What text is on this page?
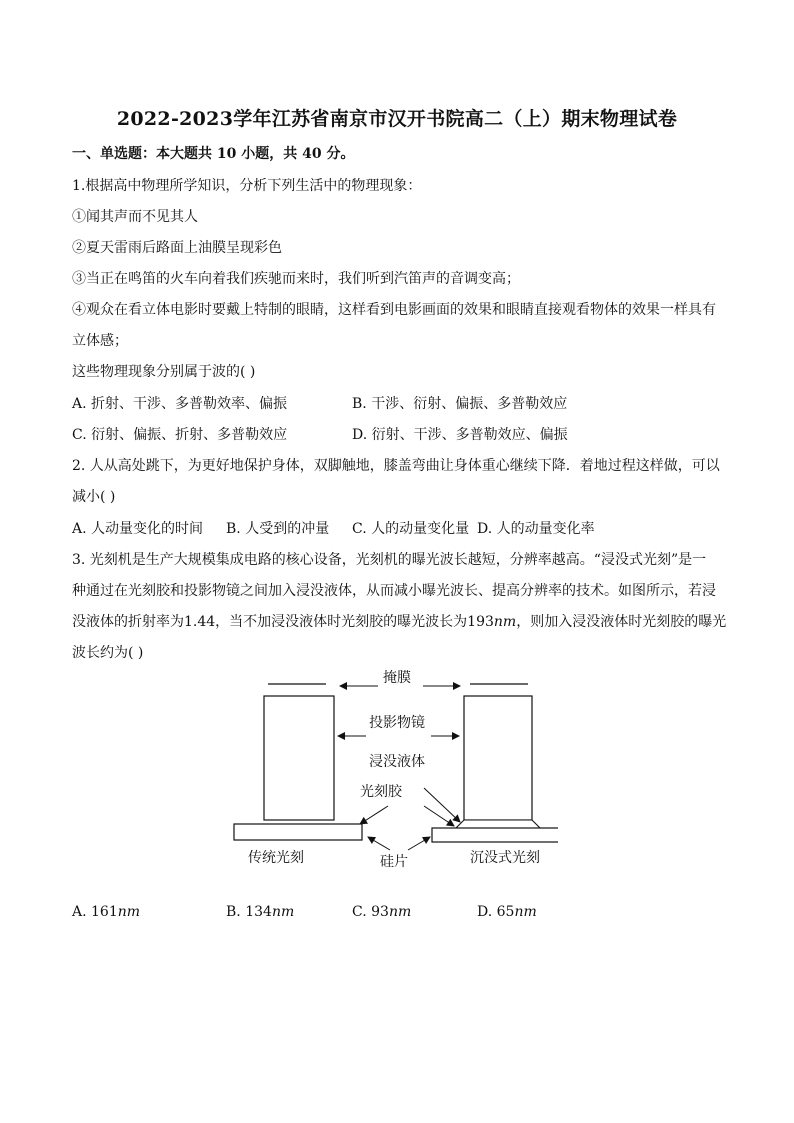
2022-2023学年江苏省南京市汉开书院高二（上）期末物理试卷
一、单选题：本大题共 10 小题，共 40 分。
1.根据高中物理所学知识，分析下列生活中的物理现象：
①闻其声而不见其人
②夏天雷雨后路面上油膜呈现彩色
③当正在鸣笛的火车向着我们疾驰而来时，我们听到汽笛声的音调变高；
④观众在看立体电影时要戴上特制的眼睛，这样看到电影画面的效果和眼睛直接观看物体的效果一样具有
立体感；
这些物理现象分别属于波的( )
A. 折射、干涉、多普勒效率、偏振	B. 干涉、衍射、偏振、多普勒效应
C. 衍射、偏振、折射、多普勒效应	D. 衍射、干涉、多普勒效应、偏振
2. 人从高处跳下，为更好地保护身体，双脚触地，膝盖弯曲让身体重心继续下降．着地过程这样做，可以
减小( )
A. 人动量变化的时间 B. 人受到的冲量 C. 人的动量变化量 D. 人的动量变化率
3. 光刻机是生产大规模集成电路的核心设备，光刻机的曝光波长越短，分辨率越高。“浸没式光刻”是一
种通过在光刻胶和投影物镜之间加入浸没液体，从而减小曝光波长、提高分辨率的技术。如图所示，若浸
没液体的折射率为1.44，当不加浸没液体时光刻胶的曝光波长为193nm，则加入浸没液体时光刻胶的曝光
波长约为( )
掩膜
投影物镜
浸没液体
光刻胶
硅片
传统光刻	沉没式光刻
A. 161nm	B. 134nm	C. 93nm	D. 65nm
